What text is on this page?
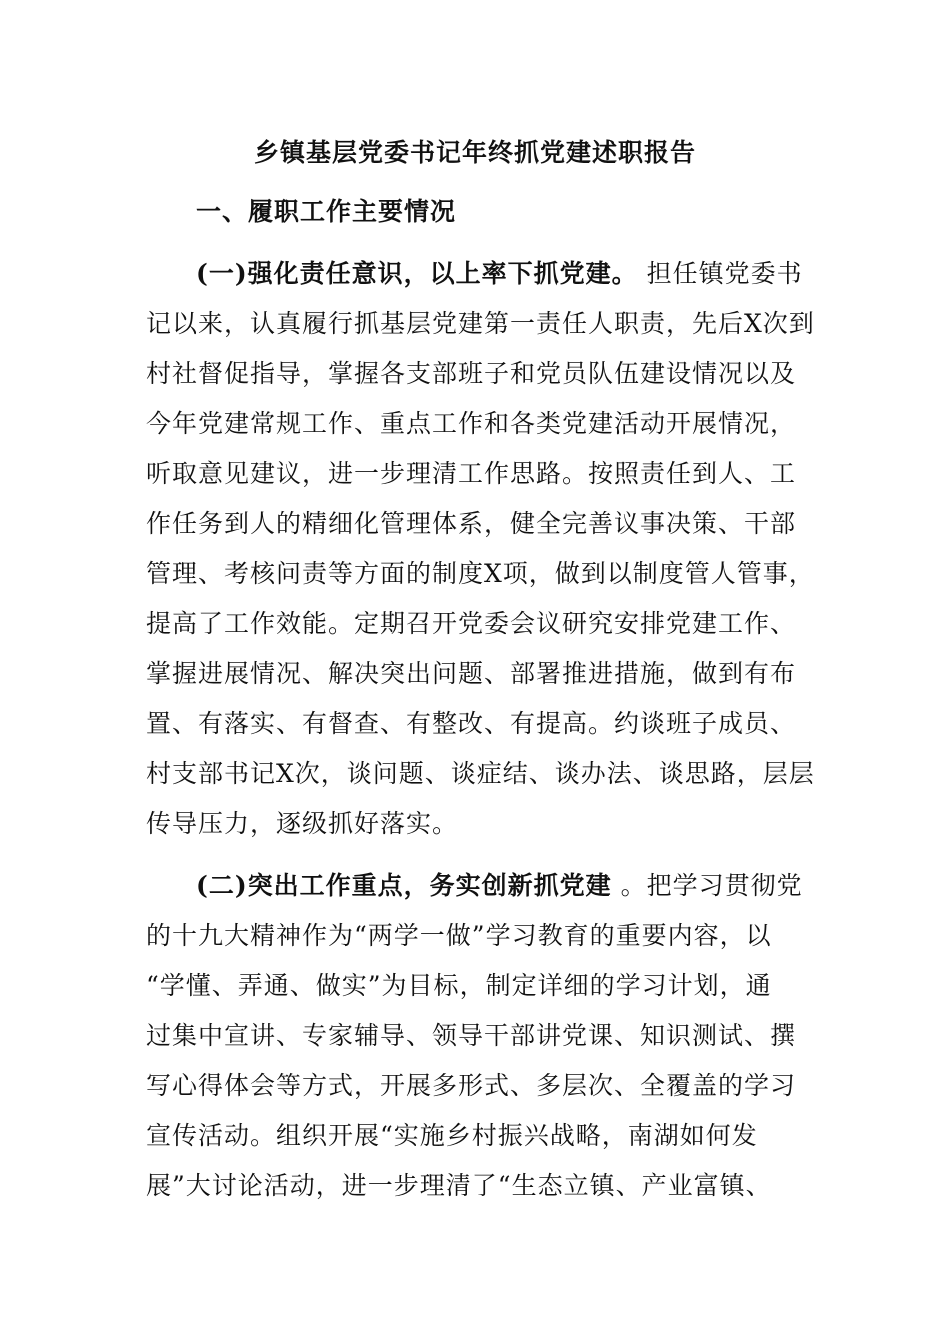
乡镇基层党委书记年终抓党建述职报告
一、履职工作主要情况
(一)强化责任意识，以上率下抓党建。 担任镇党委书
记以来，认真履行抓基层党建第一责任人职责，先后X次到
村社督促指导，掌握各支部班子和党员队伍建设情况以及
今年党建常规工作、重点工作和各类党建活动开展情况，
听取意见建议，进一步理清工作思路。按照责任到人、工
作任务到人的精细化管理体系，健全完善议事决策、干部
管理、考核问责等方面的制度X项，做到以制度管人管事，
提高了工作效能。定期召开党委会议研究安排党建工作、
掌握进展情况、解决突出问题、部署推进措施，做到有布
置、有落实、有督查、有整改、有提高。约谈班子成员、
村支部书记X次，谈问题、谈症结、谈办法、谈思路，层层
传导压力，逐级抓好落实。
(二)突出工作重点，务实创新抓党建 。把学习贯彻党
的十九大精神作为“两学一做”学习教育的重要内容，以
“学懂、弄通、做实”为目标，制定详细的学习计划，通
过集中宣讲、专家辅导、领导干部讲党课、知识测试、撰
写心得体会等方式，开展多形式、多层次、全覆盖的学习
宣传活动。组织开展“实施乡村振兴战略，南湖如何发
展”大讨论活动，进一步理清了“生态立镇、产业富镇、
